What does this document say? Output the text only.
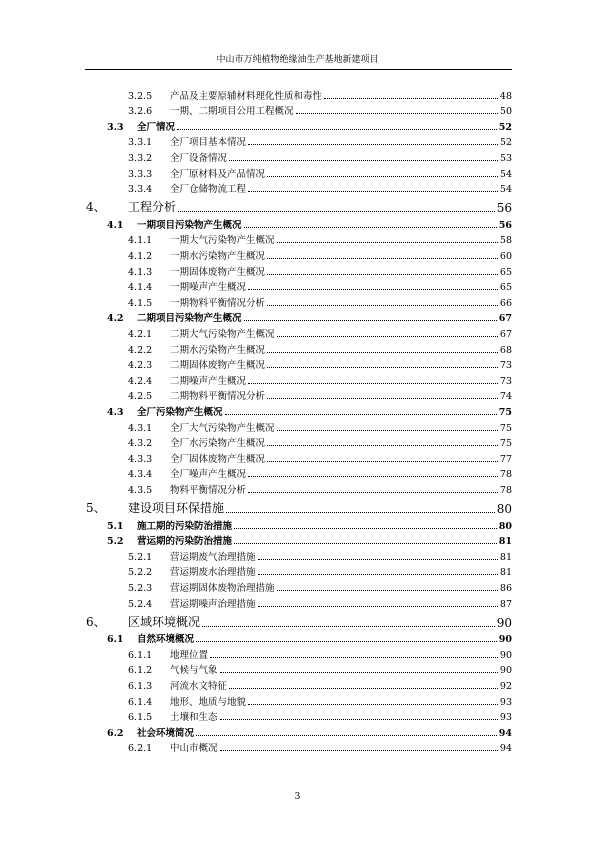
中山市万纯植物绝缘油生产基地新建项目
3.2.5 产品及主要原辅材料理化性质和毒性	48
3.2.6 一期、二期项目公用工程概况	50
3.3 全厂情况	52
3.3.1 全厂项目基本情况	52
3.3.2 全厂设备情况	53
3.3.3 全厂原材料及产品情况	54
3.3.4 全厂仓储物流工程	54
4、 工程分析	56
4.1 一期项目污染物产生概况	56
4.1.1 一期大气污染物产生概况	58
4.1.2 一期水污染物产生概况	60
4.1.3 一期固体废物产生概况	65
4.1.4 一期噪声产生概况	65
4.1.5 一期物料平衡情况分析	66
4.2 二期项目污染物产生概况	67
4.2.1 二期大气污染物产生概况	67
4.2.2 二期水污染物产生概况	68
4.2.3 二期固体废物产生概况	73
4.2.4 二期噪声产生概况	73
4.2.5 二期物料平衡情况分析	74
4.3 全厂污染物产生概况	75
4.3.1 全厂大气污染物产生概况	75
4.3.2 全厂水污染物产生概况	75
4.3.3 全厂固体废物产生概况	77
4.3.4 全厂噪声产生概况	78
4.3.5 物料平衡情况分析	78
5、 建设项目环保措施	80
5.1 施工期的污染防治措施	80
5.2 营运期的污染防治措施	81
5.2.1 营运期废气治理措施	81
5.2.2 营运期废水治理措施	81
5.2.3 营运期固体废物治理措施	86
5.2.4 营运期噪声治理措施	87
6、 区域环境概况	90
6.1 自然环境概况	90
6.1.1 地理位置	90
6.1.2 气候与气象	90
6.1.3 河流水文特征	92
6.1.4 地形、地质与地貌	93
6.1.5 土壤和生态	93
6.2 社会环境简况	94
6.2.1 中山市概况	94
3
